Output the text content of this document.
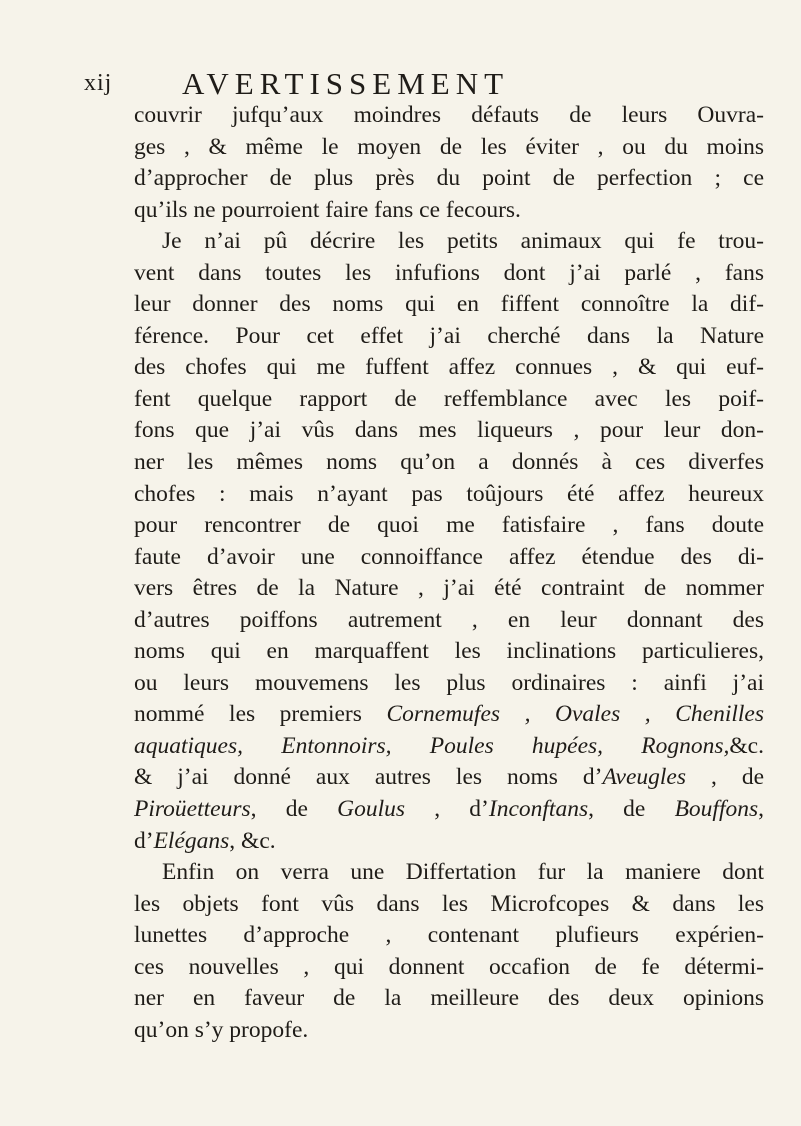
xij AVERTISSEMENT
couvrir jufqu’aux moindres défauts de leurs Ouvra-
ges , & même le moyen de les éviter , ou du moins
d’approcher de plus près du point de perfection ; ce
qu’ils ne pourroient faire fans ce fecours.
Je n’ai pû décrire les petits animaux qui fe trou-
vent dans toutes les infufions dont j’ai parlé , fans
leur donner des noms qui en fiffent connoître la dif-
férence. Pour cet effet j’ai cherché dans la Nature
des chofes qui me fuffent affez connues , & qui euf-
fent quelque rapport de reffemblance avec les poif-
fons que j’ai vûs dans mes liqueurs , pour leur don-
ner les mêmes noms qu’on a donnés à ces diverfes
chofes : mais n’ayant pas toûjours été affez heureux
pour rencontrer de quoi me fatisfaire , fans doute
faute d’avoir une connoiffance affez étendue des di-
vers êtres de la Nature , j’ai été contraint de nommer
d’autres poiffons autrement , en leur donnant des
noms qui en marquaffent les inclinations particulieres,
ou leurs mouvemens les plus ordinaires : ainfi j’ai
nommé les premiers Cornemufes , Ovales , Chenilles
aquatiques, Entonnoirs, Poules hupées, Rognons,&c.
& j’ai donné aux autres les noms d’Aveugles , de
Piroüetteurs, de Goulus , d’Inconftans, de Bouffons,
d’Elégans, &c.
Enfin on verra une Differtation fur la maniere dont
les objets font vûs dans les Microfcopes & dans les
lunettes d’approche , contenant plufieurs expérien-
ces nouvelles , qui donnent occafion de fe détermi-
ner en faveur de la meilleure des deux opinions
qu’on s’y propofe.
